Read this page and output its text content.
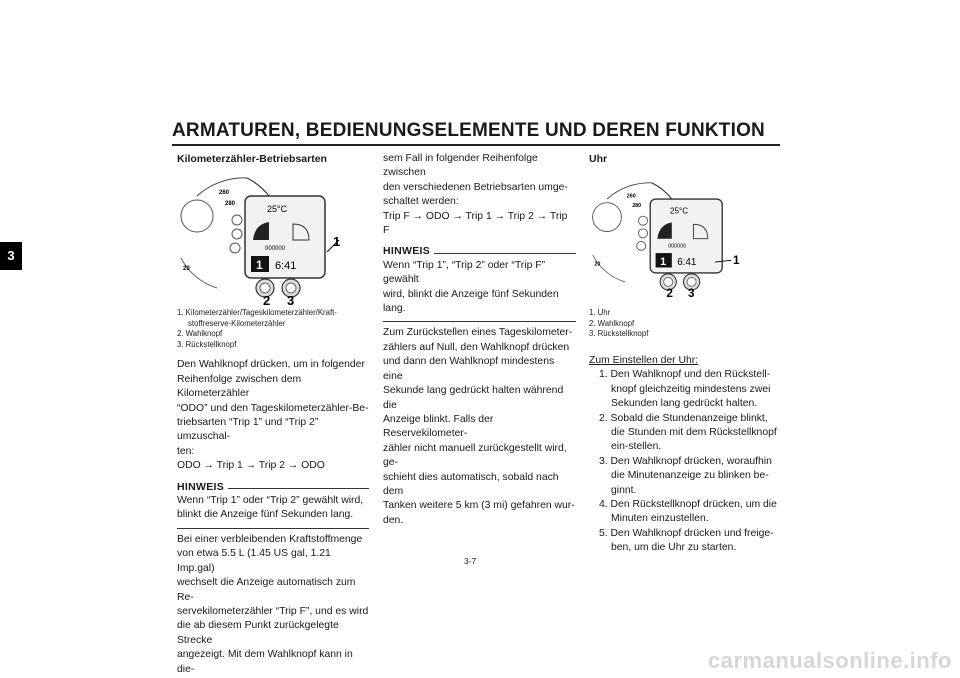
ARMATUREN, BEDIENUNGSELEMENTE UND DEREN FUNKTION
3
Kilometerzähler-Betriebsarten
260
280
20
25°C
000000
1 6:41
1
2 3
1. Kilometerzähler/Tageskilometerzähler/Kraft-stoffreserve-Kilometerzähler
2. Wahlknopf
3. Rückstellknopf
Den Wahlknopf drücken, um in folgender
Reihenfolge zwischen dem Kilometerzähler
“ODO” und den Tageskilometerzähler-Be-
triebsarten “Trip 1” und “Trip 2” umzuschal-
ten:
ODO → Trip 1 → Trip 2 → ODO
HINWEIS
Wenn “Trip 1” oder “Trip 2” gewählt wird,
blinkt die Anzeige fünf Sekunden lang.
Bei einer verbleibenden Kraftstoffmenge
von etwa 5.5 L (1.45 US gal, 1.21 Imp.gal)
wechselt die Anzeige automatisch zum Re-
servekilometerzähler “Trip F”, und es wird
die ab diesem Punkt zurückgelegte Strecke
angezeigt. Mit dem Wahlknopf kann in die-
sem Fall in folgender Reihenfolge zwischen
den verschiedenen Betriebsarten umge-
schaltet werden:
Trip F → ODO → Trip 1 → Trip 2 → Trip F
HINWEIS
Wenn “Trip 1”, “Trip 2” oder “Trip F” gewählt
wird, blinkt die Anzeige fünf Sekunden lang.
Zum Zurückstellen eines Tageskilometer-
zählers auf Null, den Wahlknopf drücken
und dann den Wahlknopf mindestens eine
Sekunde lang gedrückt halten während die
Anzeige blinkt. Falls der Reservekilometer-
zähler nicht manuell zurückgestellt wird, ge-
schieht dies automatisch, sobald nach dem
Tanken weitere 5 km (3 mi) gefahren wur-
den.
Uhr
260
280
20
25°C
000000
1 6:41	1
2 3
1. Uhr
2. Wahlknopf
3. Rückstellknopf
Zum Einstellen der Uhr:
1. Den Wahlknopf und den Rückstell-knopf gleichzeitig mindestens zwei Sekunden lang gedrückt halten.
2. Sobald die Stundenanzeige blinkt, die Stunden mit dem Rückstellknopf ein-stellen.
3. Den Wahlknopf drücken, woraufhin die Minutenanzeige zu blinken be-ginnt.
4. Den Rückstellknopf drücken, um die Minuten einzustellen.
5. Den Wahlknopf drücken und freige-ben, um die Uhr zu starten.
3-7
carmanualsonline.info
